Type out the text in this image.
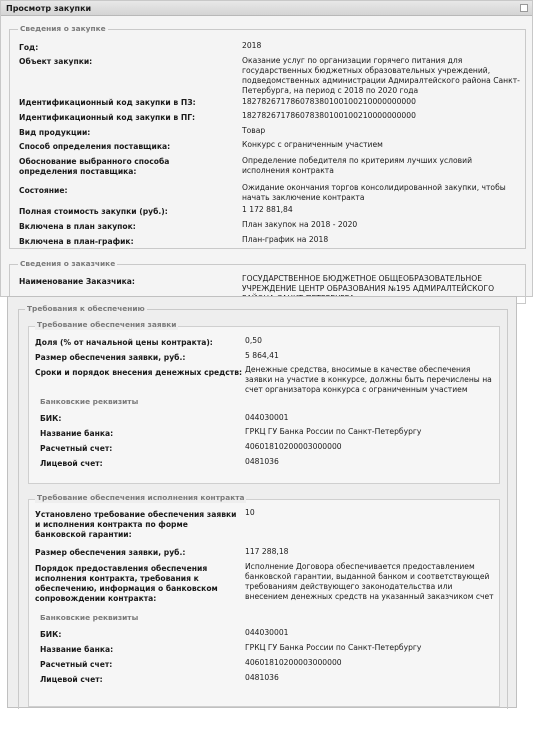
Просмотр закупки
Сведения о закупке
Год:	2018
Объект закупки:	Оказание услуг по организации горячего питания для государственных бюджетных образовательных учреждений, подведомственных администрации Адмиралтейского района Санкт-Петербурга, на период с 2018 по 2020 года
Идентификационный код закупки в ПЗ:	182782671786078380100100210000000000
Идентификационный код закупки в ПГ:	182782671786078380100100210000000000
Вид продукции:	Товар
Способ определения поставщика:	Конкурс с ограниченным участием
Обоснование выбранного способа определения поставщика:
Определение победителя по критериям лучших условий исполнения контракта
Состояние:	Ожидание окончания торгов консолидированной закупки, чтобы начать заключение контракта
Полная стоимость закупки (руб.):	1 172 881,84
Включена в план закупок:	План закупок на 2018 - 2020
Включена в план-график:	План-график на 2018
Сведения о заказчике
Наименование Заказчика:	ГОСУДАРСТВЕННОЕ БЮДЖЕТНОЕ ОБЩЕОБРАЗОВАТЕЛЬНОЕ УЧРЕЖДЕНИЕ ЦЕНТР ОБРАЗОВАНИЯ №195 АДМИРАЛТЕЙСКОГО
Требования к обеспечению
Требование обеспечения заявки
Доля (% от начальной цены контракта):	0,50
Размер обеспечения заявки, руб.:	5 864,41
Сроки и порядок внесения денежных средств: Денежные средства, вносимые в качестве обеспечения заявки на участие в конкурсе, должны быть перечислены на счет организатора конкурса с ограниченным участием
Банковские реквизиты
БИК:	044030001
Название банка:	ГРКЦ ГУ Банка России по Санкт-Петербургу
Расчетный счет:	40601810200003000000
Лицевой счет:	0481036
Требование обеспечения исполнения контракта
Установлено требование обеспечения заявки и исполнения контракта по форме банковской гарантии:
10
Размер обеспечения заявки, руб.:	117 288,18
Порядок предоставления обеспечения исполнения контракта, требования к обеспечению, информация о банковском сопровождении контракта:
Исполнение Договора обеспечивается предоставлением банковской гарантии, выданной банком и соответствующей требованиям действующего законодательства или внесением денежных средств на указанный заказчиком счет
Банковские реквизиты
БИК:	044030001
Название банка:	ГРКЦ ГУ Банка России по Санкт-Петербургу
Расчетный счет:	40601810200003000000
Лицевой счет:	0481036
